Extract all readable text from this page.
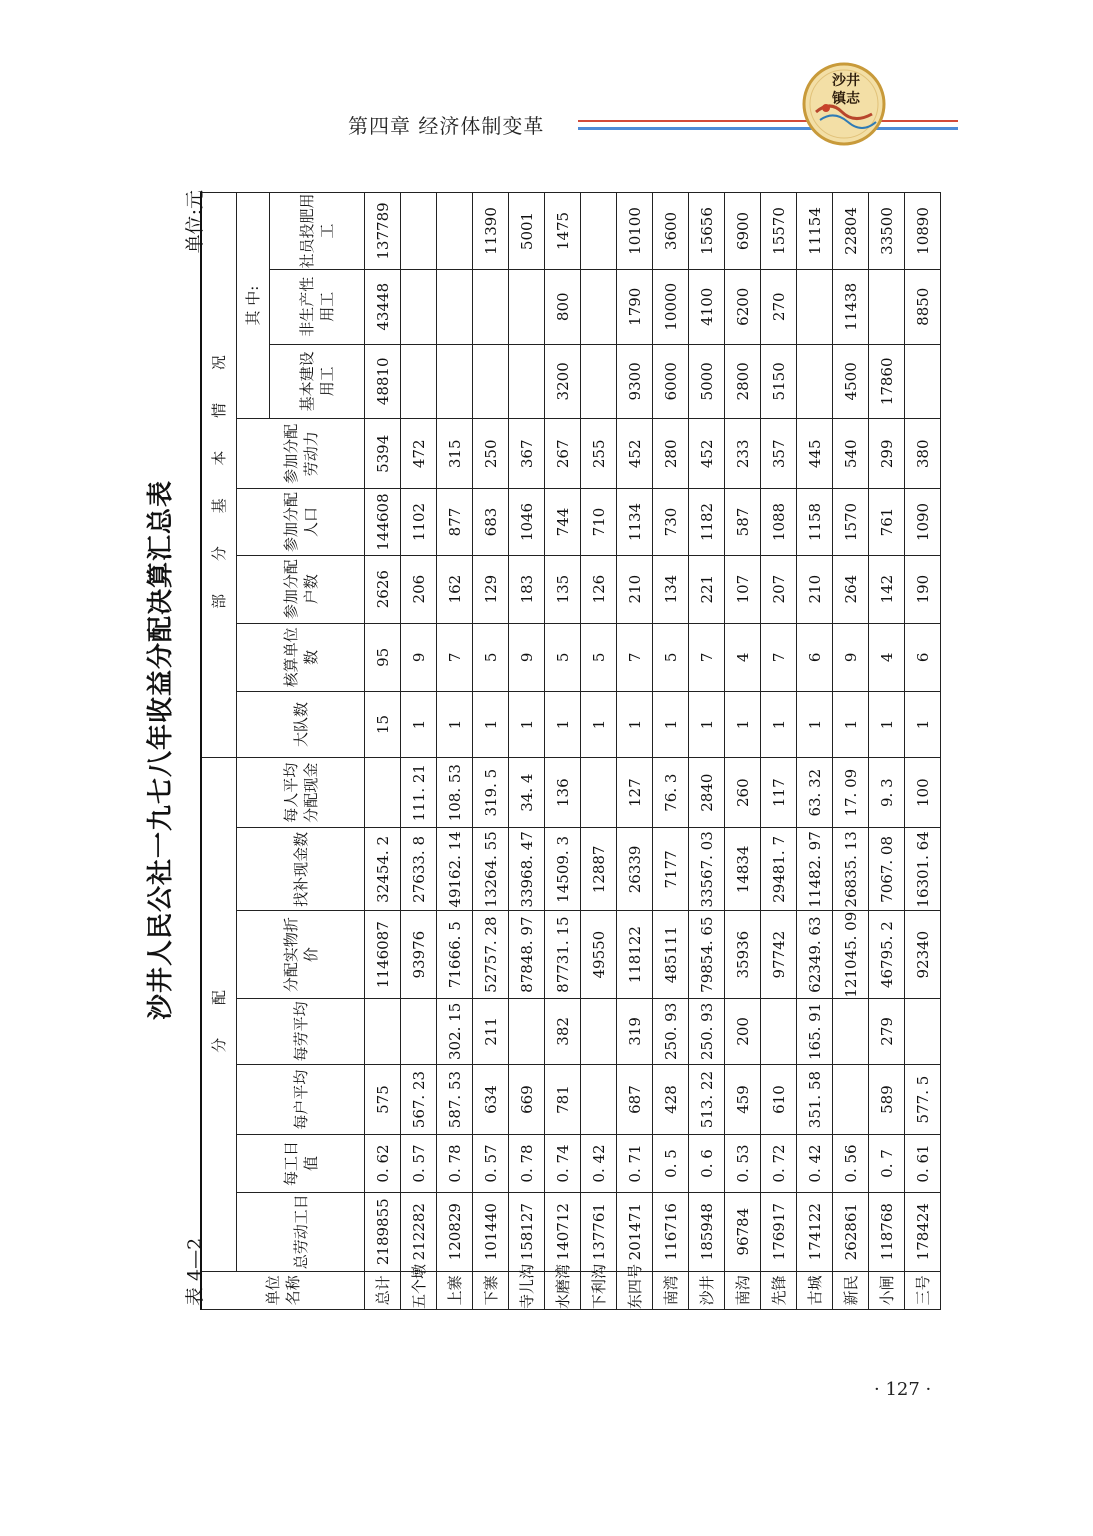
第四章 经济体制变革
沙井
镇志
沙井人民公社一九七八年收益分配决算汇总表
表 4—2
单位:元
单位名称	分 配							部 分 基 本 情 况							
	总劳动工日	每工日值	每户平均	每劳平均	分配实物折价	找补现金数	每人平均分配现金	大队数	核算单位数	参加分配户数	参加分配人口	参加分配劳动力	其 中:		
													基本建设用工	非生产性用工	社员投肥用工
总计	2189855	0. 62	575		1146087	32454. 2		15	95	2626	144608	5394	48810	43448	137789
五个墩	212282	0. 57	567. 23		93976	27633. 8	111. 21	1	9	206	1102	472			
上寨	120829	0. 78	587. 53	302. 15	71666. 5	49162. 14	108. 53	1	7	162	877	315			
下寨	101440	0. 57	634	211	52757. 28	13264. 55	319. 5	1	5	129	683	250			11390
寺儿沟	158127	0. 78	669		87848. 97	33968. 47	34. 4	1	9	183	1046	367			5001
水磨湾	140712	0. 74	781	382	87731. 15	14509. 3	136	1	5	135	744	267	3200	800	1475
下利沟	137761	0. 42			49550	12887		1	5	126	710	255			
东四号	201471	0. 71	687	319	118122	26339	127	1	7	210	1134	452	9300	1790	10100
南湾	116716	0. 5	428	250. 93	485111	7177	76. 3	1	5	134	730	280	6000	10000	3600
沙井	185948	0. 6	513. 22	250. 93	79854. 65	33567. 03	2840	1	7	221	1182	452	5000	4100	15656
南沟	96784	0. 53	459	200	35936	14834	260	1	4	107	587	233	2800	6200	6900
先锋	176917	0. 72	610		97742	29481. 7	117	1	7	207	1088	357	5150	270	15570
古城	174122	0. 42	351. 58	165. 91	62349. 63	11482. 97	63. 32	1	6	210	1158	445			11154
新民	262861	0. 56			121045. 09	26835. 13	17. 09	1	9	264	1570	540	4500	11438	22804
小闸	118768	0. 7	589	279	46795. 2	7067. 08	9. 3	1	4	142	761	299	17860		33500
三号	178424	0. 61	577. 5		92340	16301. 64	100	1	6	190	1090	380		8850	10890
· 127 ·
